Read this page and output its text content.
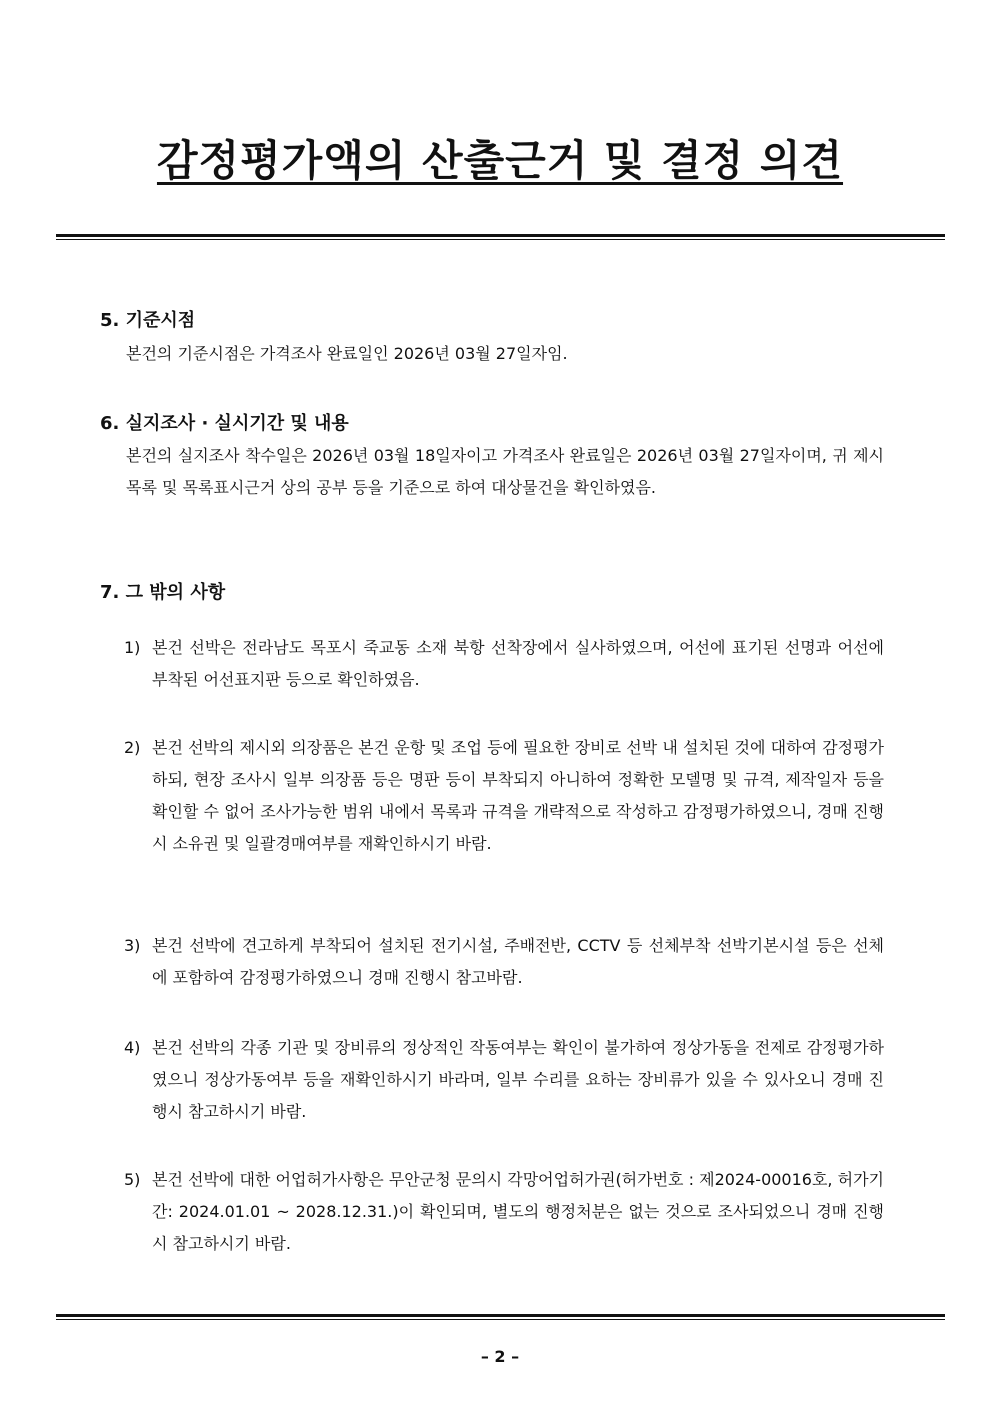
감정평가액의 산출근거 및 결정 의견
5. 기준시점
본건의 기준시점은 가격조사 완료일인 2026년 03월 27일자임.
6. 실지조사 · 실시기간 및 내용
본건의 실지조사 착수일은 2026년 03월 18일자이고 가격조사 완료일은 2026년 03월 27일자이며, 귀 제시목록 및 목록표시근거 상의 공부 등을 기준으로 하여 대상물건을 확인하였음.
7. 그 밖의 사항
1) 본건 선박은 전라남도 목포시 죽교동 소재 북항 선착장에서 실사하였으며, 어선에 표기된 선명과 어선에 부착된 어선표지판 등으로 확인하였음.
2) 본건 선박의 제시외 의장품은 본건 운항 및 조업 등에 필요한 장비로 선박 내 설치된 것에 대하여 감정평가하되, 현장 조사시 일부 의장품 등은 명판 등이 부착되지 아니하여 정확한 모델명 및 규격, 제작일자 등을 확인할 수 없어 조사가능한 범위 내에서 목록과 규격을 개략적으로 작성하고 감정평가하였으니, 경매 진행시 소유권 및 일괄경매여부를 재확인하시기 바람.
3) 본건 선박에 견고하게 부착되어 설치된 전기시설, 주배전반, CCTV 등 선체부착 선박기본시설 등은 선체에 포함하여 감정평가하였으니 경매 진행시 참고바람.
4) 본건 선박의 각종 기관 및 장비류의 정상적인 작동여부는 확인이 불가하여 정상가동을 전제로 감정평가하였으니 정상가동여부 등을 재확인하시기 바라며, 일부 수리를 요하는 장비류가 있을 수 있사오니 경매 진행시 참고하시기 바람.
5) 본건 선박에 대한 어업허가사항은 무안군청 문의시 각망어업허가권(허가번호 : 제2024-00016호, 허가기간: 2024.01.01 ~ 2028.12.31.)이 확인되며, 별도의 행정처분은 없는 것으로 조사되었으니 경매 진행시 참고하시기 바람.
– 2 –
